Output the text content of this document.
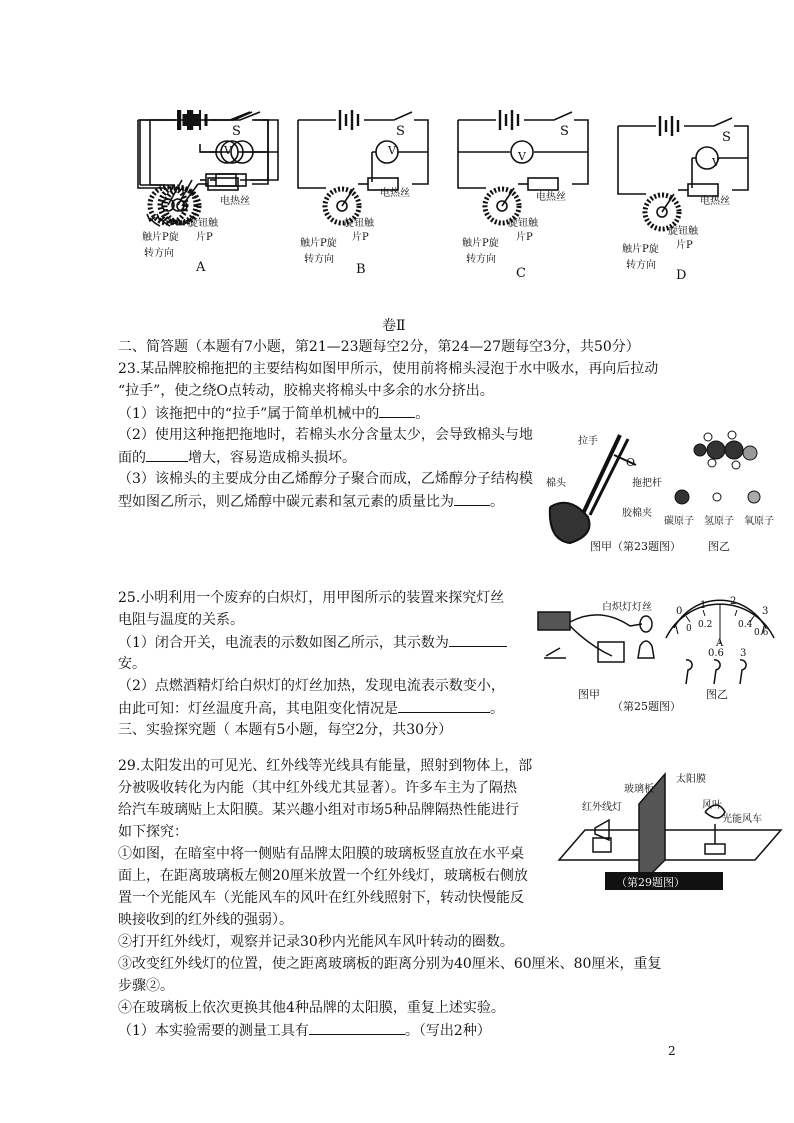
S
V
电热丝
旋钮触
片P
触片P旋
转方向
A
S
V
电热丝
旋钮触
片P
触片P旋
转方向
B
S
V
电热丝
旋钮触
片P
触片P旋
转方向
C
S
V
电热丝
旋钮触
片P
触片P旋
转方向
D
卷Ⅱ
二、简答题（本题有7小题，第21—23题每空2分，第24—27题每空3分，共50分）
23.某品牌胶棉拖把的主要结构如图甲所示，使用前将棉头浸泡于水中吸水，再向后拉动
“拉手”，使之绕O点转动，胶棉夹将棉头中多余的水分挤出。
（1）该拖把中的“拉手”属于简单机械中的	。
（2）使用这种拖把拖地时，若棉头水分含量太少，会导致棉头与地
面的	增大，容易造成棉头损坏。
（3）该棉头的主要成分由乙烯醇分子聚合而成，乙烯醇分子结构模
型如图乙所示，则乙烯醇中碳元素和氢元素的质量比为	。
拉手
O
棉头	拖把杆
胶棉夹
碳原子 氢原子 氧原子
图甲（第23题图） 图乙
25.小明利用一个废弃的白炽灯，用甲图所示的装置来探究灯丝
电阻与温度的关系。
（1）闭合开关，电流表的示数如图乙所示，其示数为
安。
（2）点燃酒精灯给白炽灯的灯丝加热，发现电流表示数变小，
由此可知：灯丝温度升高，其电阻变化情况是	。
三、实验探究题（ 本题有5小题，每空2分，共30分）
白炽灯灯丝 0
1 2
3
0 0.2	0.4
0.6
A
0.6 3
图甲
（第25题图）
图乙
29.太阳发出的可见光、红外线等光线具有能量，照射到物体上，部
分被吸收转化为内能（其中红外线尤其显著）。许多车主为了隔热
给汽车玻璃贴上太阳膜。某兴趣小组对市场5种品牌隔热性能进行
如下探究：
①如图，在暗室中将一侧贴有品牌太阳膜的玻璃板竖直放在水平桌
面上，在距离玻璃板左侧20厘米放置一个红外线灯，玻璃板右侧放
置一个光能风车（光能风车的风叶在红外线照射下，转动快慢能反
映接收到的红外线的强弱）。
②打开红外线灯，观察并记录30秒内光能风车风叶转动的圈数。
③改变红外线灯的位置，使之距离玻璃板的距离分别为40厘米、60厘米、80厘米，重复
步骤②。
④在玻璃板上依次更换其他4种品牌的太阳膜，重复上述实验。
（1）本实验需要的测量工具有	。（写出2种）
玻璃板
太阳膜
红外线灯	风叶
光能风车
（第29题图）
2
